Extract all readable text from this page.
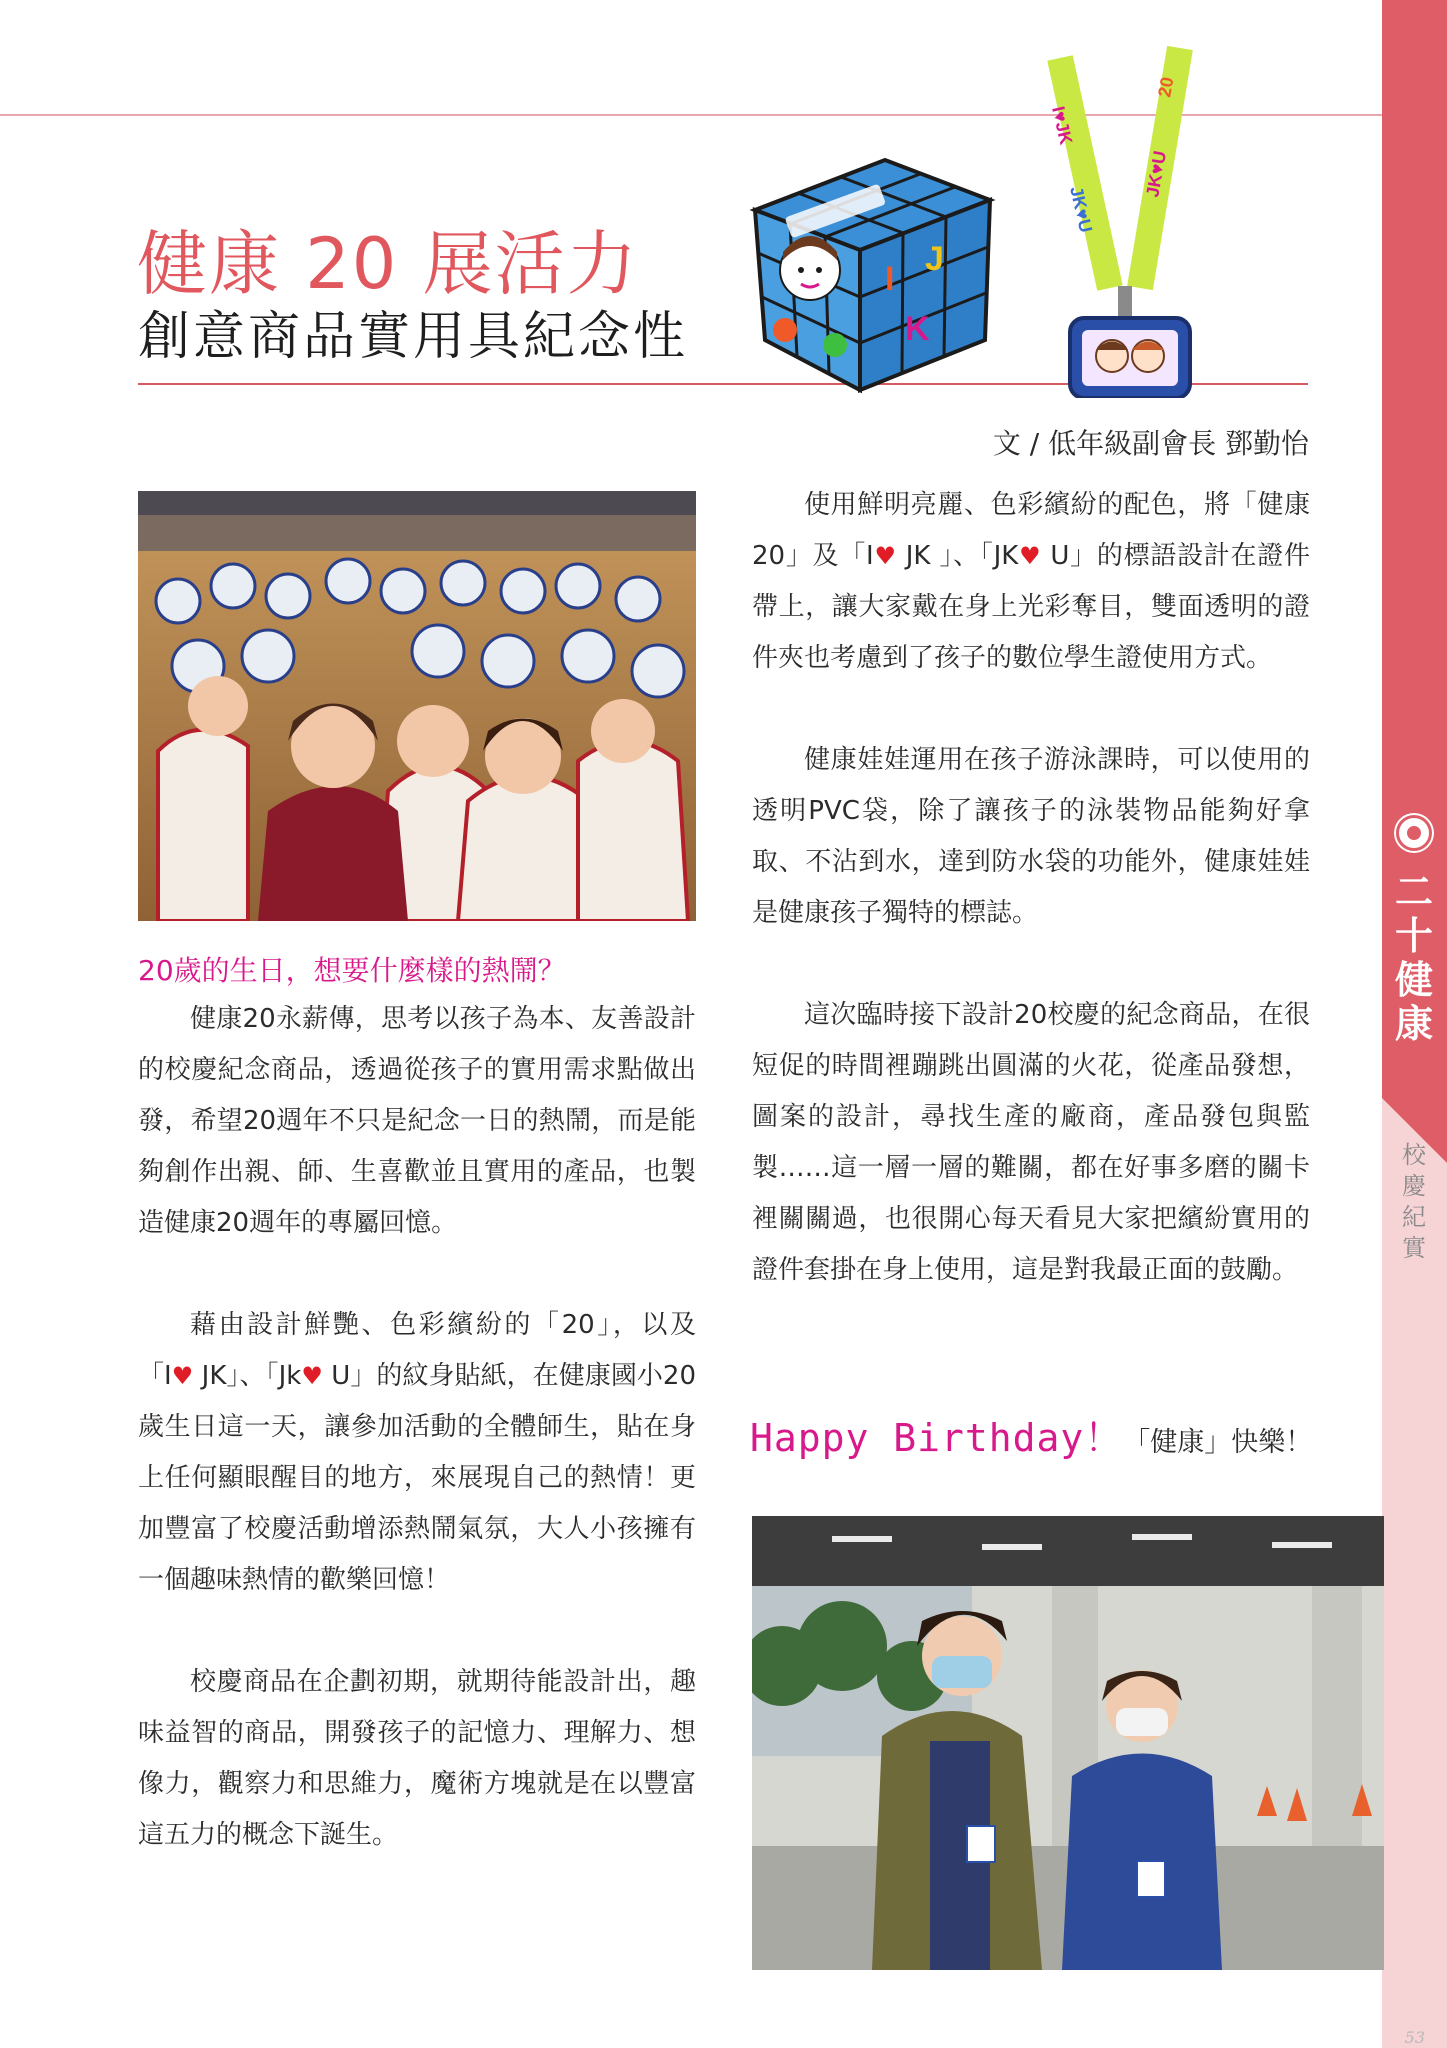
二十健康
校慶紀實
53
健康 20 展活力
創意商品實用具紀念性
文 / 低年級副會長 鄧勤怡
I
J
K
I♥JK
JK♥U
20
JK♥U
20歲的生日，想要什麼樣的熱鬧？

健康20永薪傳，思考以孩子為本、友善設計的校慶紀念商品，透過從孩子的實用需求點做出發，希望20週年不只是紀念一日的熱鬧，而是能夠創作出親、師、生喜歡並且實用的產品，也製造健康20週年的專屬回憶。

藉由設計鮮艷、色彩繽紛的「20」，以及「I♥ JK」、「Jk♥ U」的紋身貼紙，在健康國小20歲生日這一天，讓參加活動的全體師生，貼在身上任何顯眼醒目的地方，來展現自己的熱情！更加豐富了校慶活動增添熱鬧氣氛，大人小孩擁有一個趣味熱情的歡樂回憶！

校慶商品在企劃初期，就期待能設計出，趣味益智的商品，開發孩子的記憶力、理解力、想像力，觀察力和思維力，魔術方塊就是在以豐富這五力的概念下誕生。

使用鮮明亮麗、色彩繽紛的配色，將「健康20」及「I♥ JK 」、「JK♥ U」的標語設計在證件帶上，讓大家戴在身上光彩奪目，雙面透明的證件夾也考慮到了孩子的數位學生證使用方式。

健康娃娃運用在孩子游泳課時，可以使用的透明PVC袋，除了讓孩子的泳裝物品能夠好拿取、不沾到水，達到防水袋的功能外，健康娃娃是健康孩子獨特的標誌。

這次臨時接下設計20校慶的紀念商品，在很短促的時間裡蹦跳出圓滿的火花，從產品發想，圖案的設計，尋找生產的廠商，產品發包與監製……這一層一層的難關，都在好事多磨的關卡裡關關過，也很開心每天看見大家把繽紛實用的證件套掛在身上使用，這是對我最正面的鼓勵。

Happy Birthday！「健康」快樂！
